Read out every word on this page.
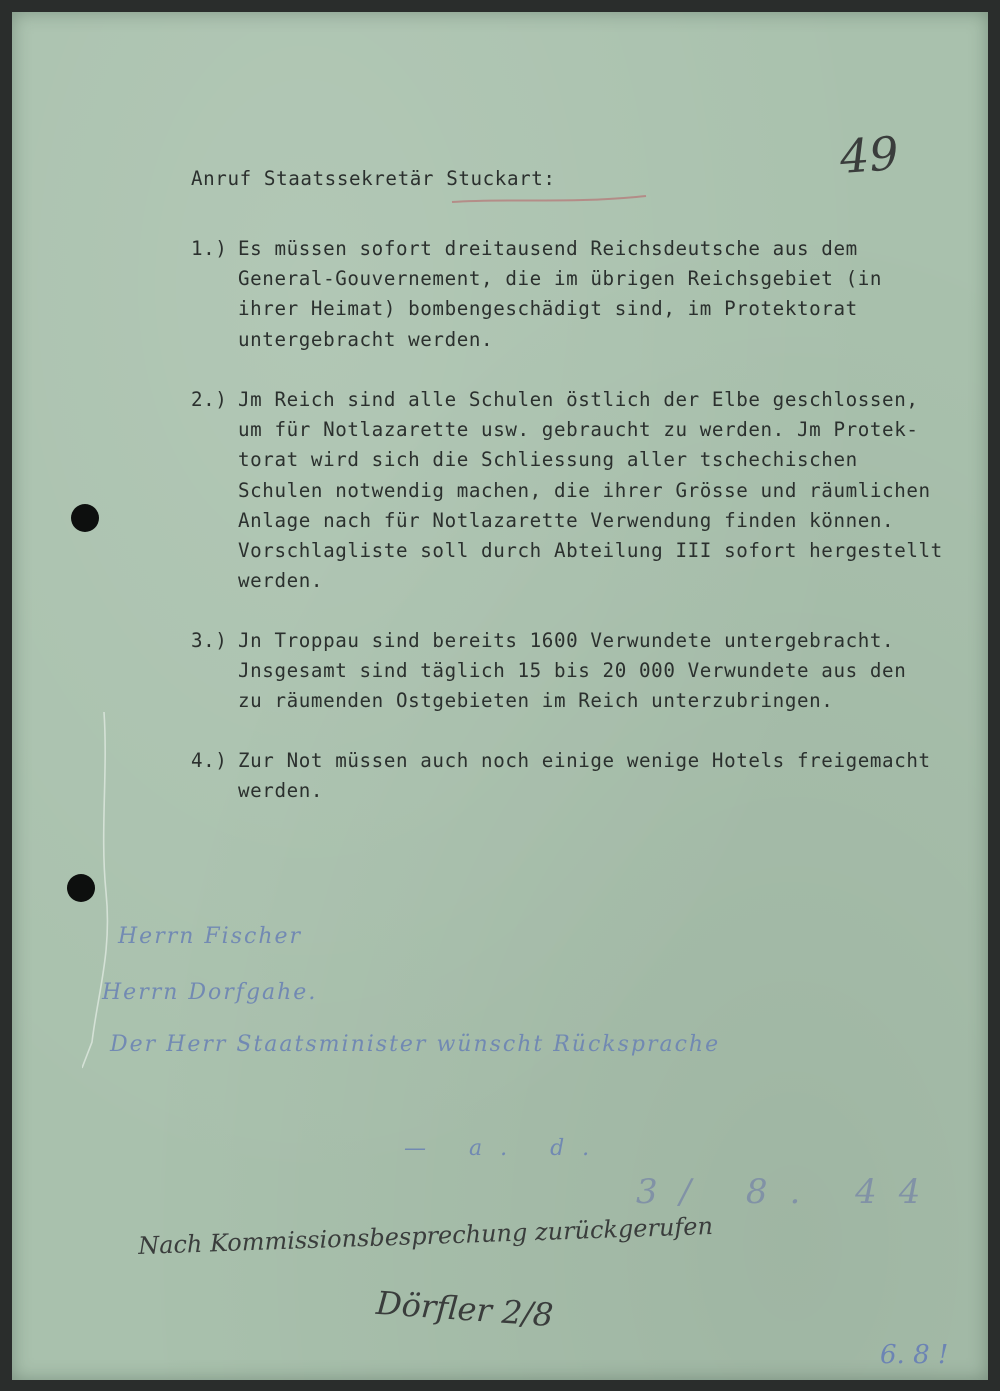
49
Anruf Staatssekretär Stuckart:
1.) Es müssen sofort dreitausend Reichsdeutsche aus dem
General-Gouvernement, die im übrigen Reichsgebiet (in
ihrer Heimat) bombengeschädigt sind, im Protektorat
untergebracht werden.
2.) Jm Reich sind alle Schulen östlich der Elbe geschlossen,
um für Notlazarette usw. gebraucht zu werden. Jm Protek-
torat wird sich die Schliessung aller tschechischen
Schulen notwendig machen, die ihrer Grösse und räumlichen
Anlage nach für Notlazarette Verwendung finden können.
Vorschlagliste soll durch Abteilung III sofort hergestellt
werden.
3.) Jn Troppau sind bereits 1600 Verwundete untergebracht.
Jnsgesamt sind täglich 15 bis 20 000 Verwundete aus den
zu räumenden Ostgebieten im Reich unterzubringen.
4.) Zur Not müssen auch noch einige wenige Hotels freigemacht
werden.
Herrn Fischer
Herrn Dorfgahe.
Der Herr Staatsminister wünscht Rücksprache
— a. d.
3/ 8. 44
Nach Kommissionsbesprechung zurückgerufen
Dörfler 2/8
6. 8 !
